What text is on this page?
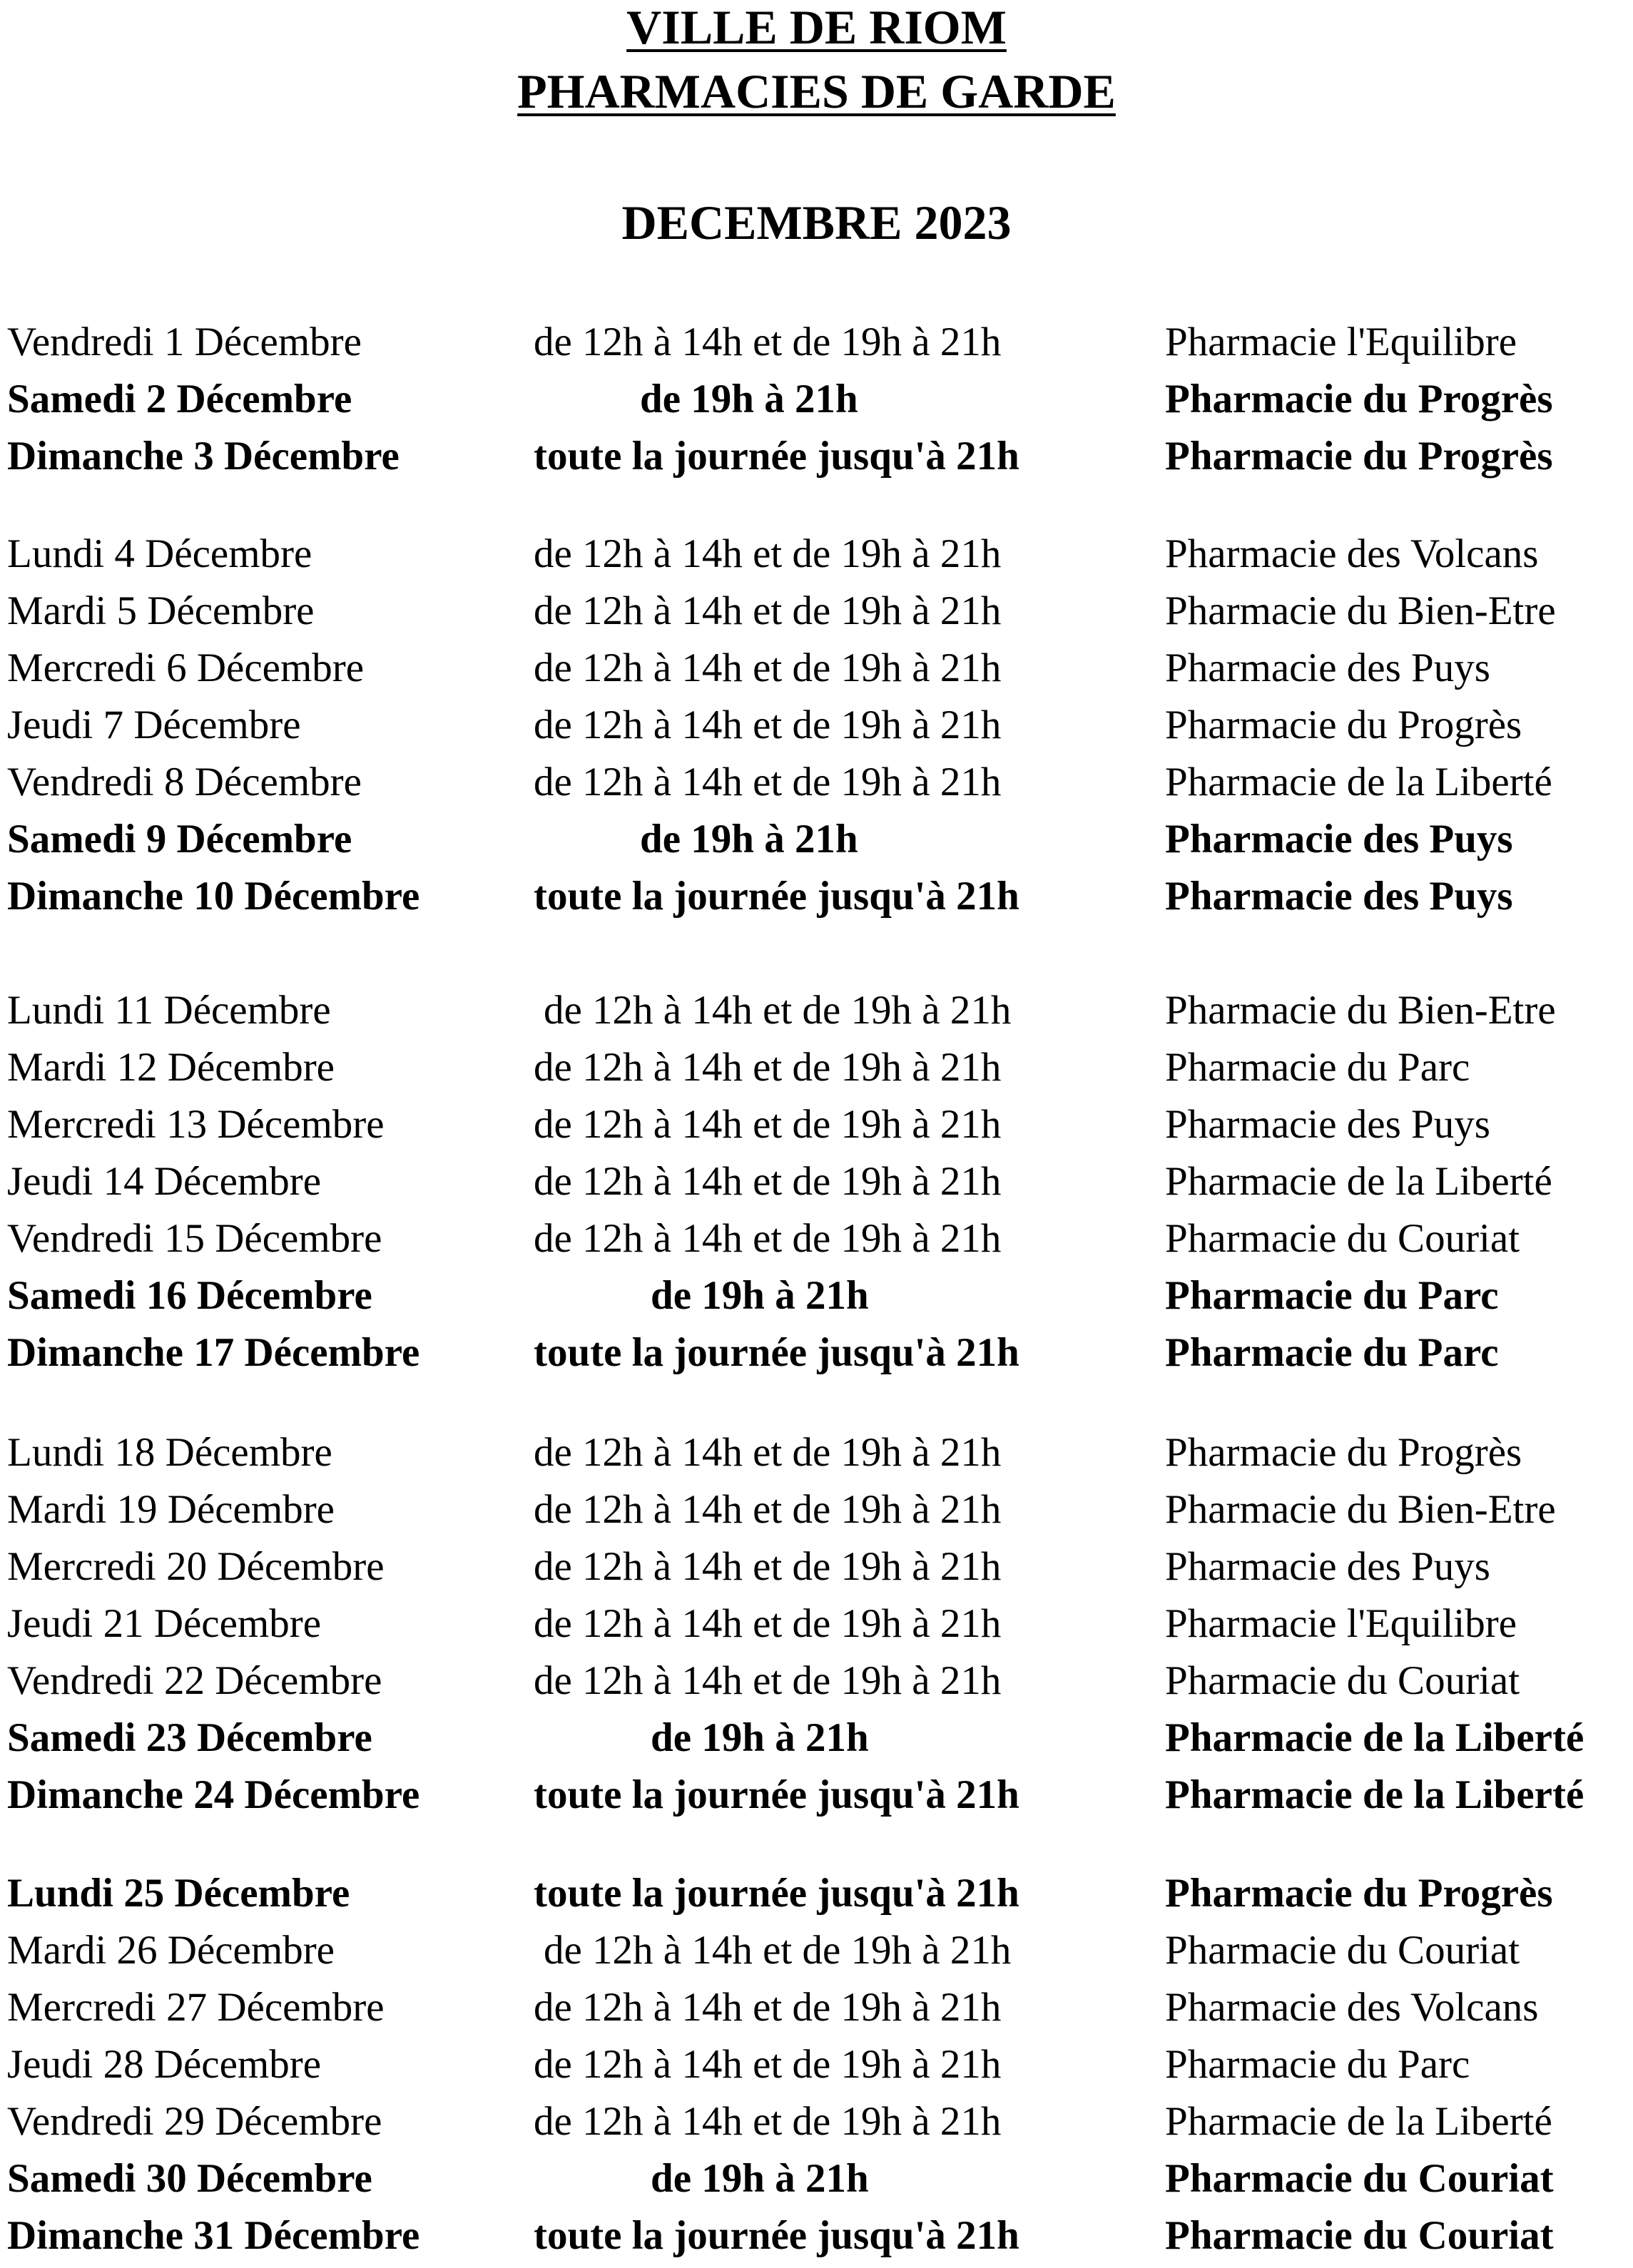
VILLE DE RIOM
PHARMACIES DE GARDE
DECEMBRE 2023
Vendredi 1 Décembre	de 12h à 14h et de 19h à 21h	Pharmacie l'Equilibre
Samedi 2 Décembre	de 19h à 21h	Pharmacie du Progrès
Dimanche 3 Décembre	toute la journée jusqu'à 21h	Pharmacie du Progrès
Lundi 4 Décembre	de 12h à 14h et de 19h à 21h	Pharmacie des Volcans
Mardi 5 Décembre	de 12h à 14h et de 19h à 21h	Pharmacie du Bien-Etre
Mercredi 6 Décembre	de 12h à 14h et de 19h à 21h	Pharmacie des Puys
Jeudi 7 Décembre	de 12h à 14h et de 19h à 21h	Pharmacie du Progrès
Vendredi 8 Décembre	de 12h à 14h et de 19h à 21h	Pharmacie de la Liberté
Samedi 9 Décembre	de 19h à 21h	Pharmacie des Puys
Dimanche 10 Décembre	toute la journée jusqu'à 21h	Pharmacie des Puys
Lundi 11 Décembre	de 12h à 14h et de 19h à 21h	Pharmacie du Bien-Etre
Mardi 12 Décembre	de 12h à 14h et de 19h à 21h	Pharmacie du Parc
Mercredi 13 Décembre	de 12h à 14h et de 19h à 21h	Pharmacie des Puys
Jeudi 14 Décembre	de 12h à 14h et de 19h à 21h	Pharmacie de la Liberté
Vendredi 15 Décembre	de 12h à 14h et de 19h à 21h	Pharmacie du Couriat
Samedi 16 Décembre	de 19h à 21h	Pharmacie du Parc
Dimanche 17 Décembre	toute la journée jusqu'à 21h	Pharmacie du Parc
Lundi 18 Décembre	de 12h à 14h et de 19h à 21h	Pharmacie du Progrès
Mardi 19 Décembre	de 12h à 14h et de 19h à 21h	Pharmacie du Bien-Etre
Mercredi 20 Décembre	de 12h à 14h et de 19h à 21h	Pharmacie des Puys
Jeudi 21 Décembre	de 12h à 14h et de 19h à 21h	Pharmacie l'Equilibre
Vendredi 22 Décembre	de 12h à 14h et de 19h à 21h	Pharmacie du Couriat
Samedi 23 Décembre	de 19h à 21h	Pharmacie de la Liberté
Dimanche 24 Décembre	toute la journée jusqu'à 21h	Pharmacie de la Liberté
Lundi 25 Décembre	toute la journée jusqu'à 21h	Pharmacie du Progrès
Mardi 26 Décembre	de 12h à 14h et de 19h à 21h	Pharmacie du Couriat
Mercredi 27 Décembre	de 12h à 14h et de 19h à 21h	Pharmacie des Volcans
Jeudi 28 Décembre	de 12h à 14h et de 19h à 21h	Pharmacie du Parc
Vendredi 29 Décembre	de 12h à 14h et de 19h à 21h	Pharmacie de la Liberté
Samedi 30 Décembre	de 19h à 21h	Pharmacie du Couriat
Dimanche 31 Décembre	toute la journée jusqu'à 21h	Pharmacie du Couriat
